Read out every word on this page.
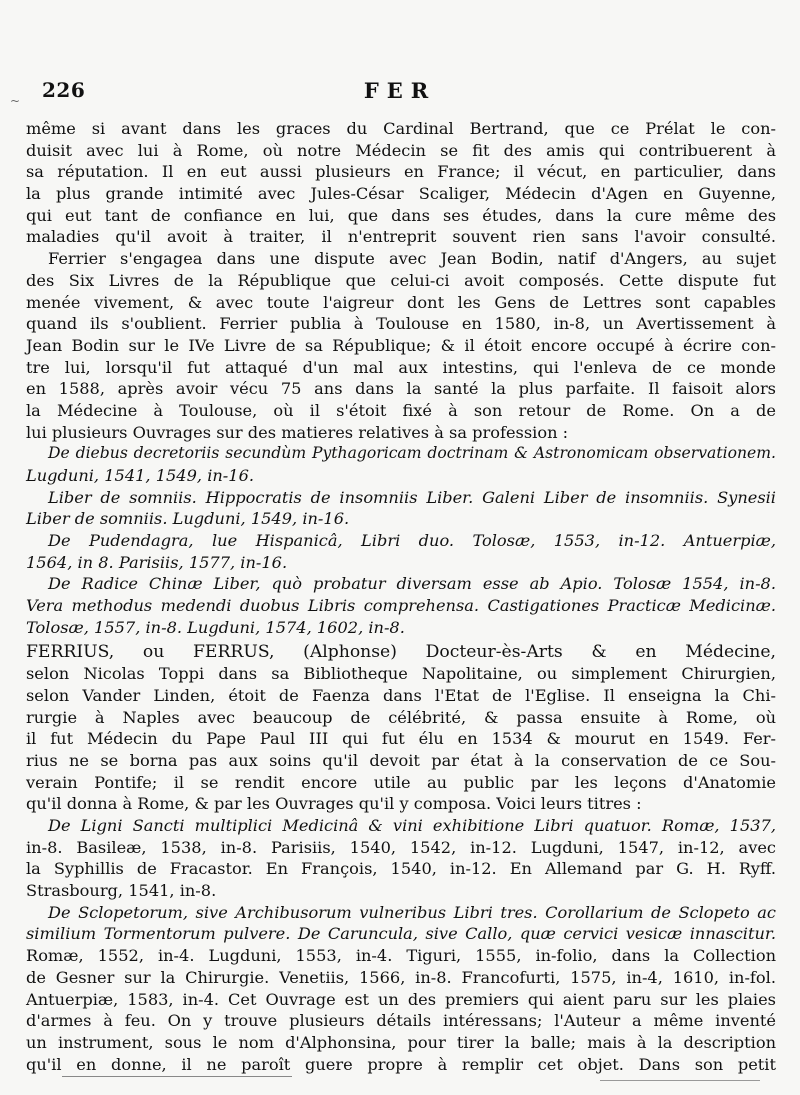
~ 226	FER
même si avant dans les graces du Cardinal Bertrand, que ce Prélat le con-
duisit avec lui à Rome, où notre Médecin se fit des amis qui contribuerent à
sa réputation. Il en eut aussi plusieurs en France; il vécut, en particulier, dans
la plus grande intimité avec Jules-César Scaliger, Médecin d'Agen en Guyenne,
qui eut tant de confiance en lui, que dans ses études, dans la cure même des
maladies qu'il avoit à traiter, il n'entreprit souvent rien sans l'avoir consulté.
Ferrier s'engagea dans une dispute avec Jean Bodin, natif d'Angers, au sujet
des Six Livres de la République que celui-ci avoit composés. Cette dispute fut
menée vivement, & avec toute l'aigreur dont les Gens de Lettres sont capables
quand ils s'oublient. Ferrier publia à Toulouse en 1580, in-8, un Avertissement à
Jean Bodin sur le IVe Livre de sa République; & il étoit encore occupé à écrire con-
tre lui, lorsqu'il fut attaqué d'un mal aux intestins, qui l'enleva de ce monde
en 1588, après avoir vécu 75 ans dans la santé la plus parfaite. Il faisoit alors
la Médecine à Toulouse, où il s'étoit fixé à son retour de Rome. On a de
lui plusieurs Ouvrages sur des matieres relatives à sa profession :
De diebus decretoriis secundùm Pythagoricam doctrinam & Astronomicam observationem.
Lugduni, 1541, 1549, in-16.
Liber de somniis. Hippocratis de insomniis Liber. Galeni Liber de insomniis. Synesii
Liber de somniis. Lugduni, 1549, in-16.
De Pudendagra, lue Hispanicâ, Libri duo. Tolosæ, 1553, in-12. Antuerpiæ,
1564, in 8. Parisiis, 1577, in-16.
De Radice Chinæ Liber, quò probatur diversam esse ab Apio. Tolosæ 1554, in-8.
Vera methodus medendi duobus Libris comprehensa. Castigationes Practicæ Medicinæ.
Tolosæ, 1557, in-8. Lugduni, 1574, 1602, in-8.
FERRIUS, ou FERRUS, (Alphonse) Docteur-ès-Arts & en Médecine,
selon Nicolas Toppi dans sa Bibliotheque Napolitaine, ou simplement Chirurgien,
selon Vander Linden, étoit de Faenza dans l'Etat de l'Eglise. Il enseigna la Chi-
rurgie à Naples avec beaucoup de célébrité, & passa ensuite à Rome, où
il fut Médecin du Pape Paul III qui fut élu en 1534 & mourut en 1549. Fer-
rius ne se borna pas aux soins qu'il devoit par état à la conservation de ce Sou-
verain Pontife; il se rendit encore utile au public par les leçons d'Anatomie
qu'il donna à Rome, & par les Ouvrages qu'il y composa. Voici leurs titres :
De Ligni Sancti multiplici Medicinâ & vini exhibitione Libri quatuor. Romæ, 1537,
in-8. Basileæ, 1538, in-8. Parisiis, 1540, 1542, in-12. Lugduni, 1547, in-12, avec
la Syphillis de Fracastor. En François, 1540, in-12. En Allemand par G. H. Ryff.
Strasbourg, 1541, in-8.
De Sclopetorum, sive Archibusorum vulneribus Libri tres. Corollarium de Sclopeto ac
similium Tormentorum pulvere. De Caruncula, sive Callo, quæ cervici vesicæ innascitur.
Romæ, 1552, in-4. Lugduni, 1553, in-4. Tiguri, 1555, in-folio, dans la Collection
de Gesner sur la Chirurgie. Venetiis, 1566, in-8. Francofurti, 1575, in-4, 1610, in-fol.
Antuerpiæ, 1583, in-4. Cet Ouvrage est un des premiers qui aient paru sur les plaies
d'armes à feu. On y trouve plusieurs détails intéressans; l'Auteur a même inventé
un instrument, sous le nom d'Alphonsina, pour tirer la balle; mais à la description
qu'il en donne, il ne paroît guere propre à remplir cet objet. Dans son petit
